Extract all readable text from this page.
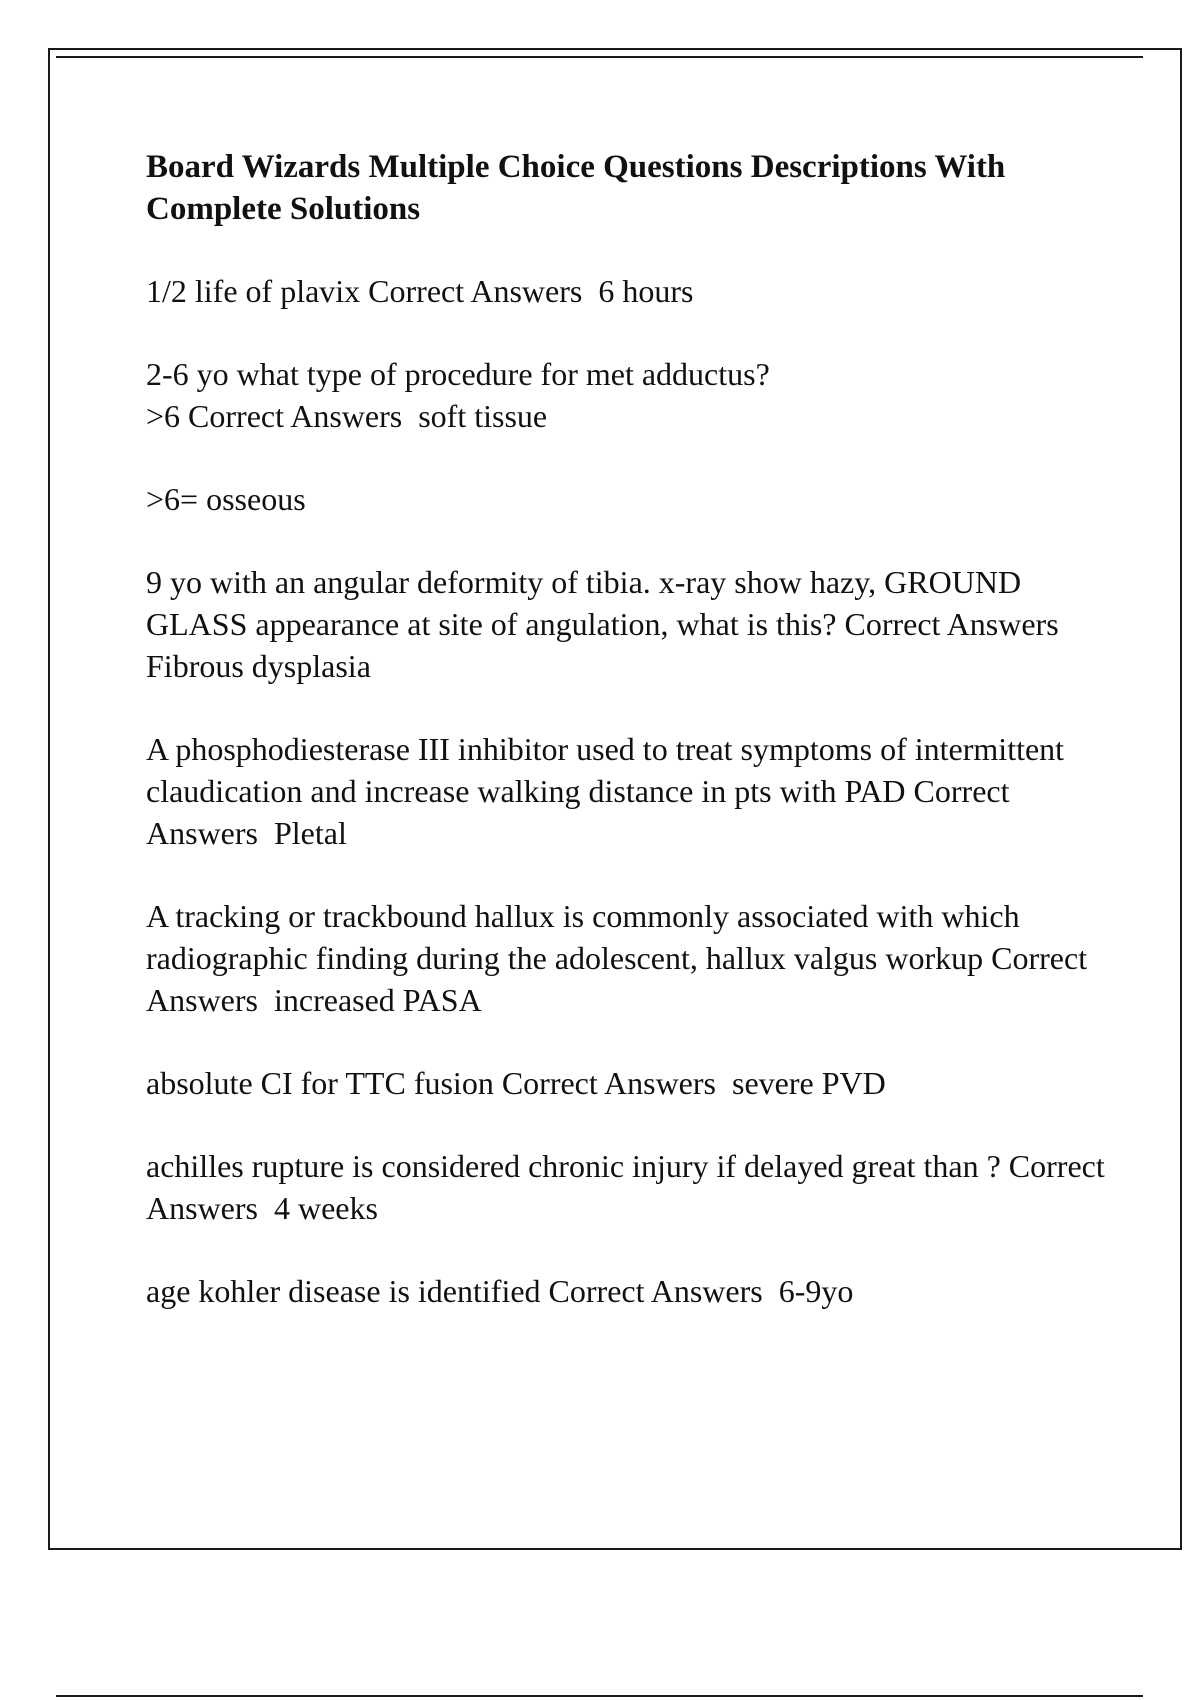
Board Wizards Multiple Choice Questions Descriptions With Complete Solutions
1/2 life of plavix Correct Answers  6 hours
2-6 yo what type of procedure for met adductus?
>6 Correct Answers  soft tissue
>6= osseous
9 yo with an angular deformity of tibia. x-ray show hazy, GROUND GLASS appearance at site of angulation, what is this? Correct Answers  Fibrous dysplasia
A phosphodiesterase III inhibitor used to treat symptoms of intermittent claudication and increase walking distance in pts with PAD Correct Answers  Pletal
A tracking or trackbound hallux is commonly associated with which radiographic finding during the adolescent, hallux valgus workup Correct Answers  increased PASA
absolute CI for TTC fusion Correct Answers  severe PVD
achilles rupture is considered chronic injury if delayed great than ? Correct Answers  4 weeks
age kohler disease is identified Correct Answers  6-9yo
